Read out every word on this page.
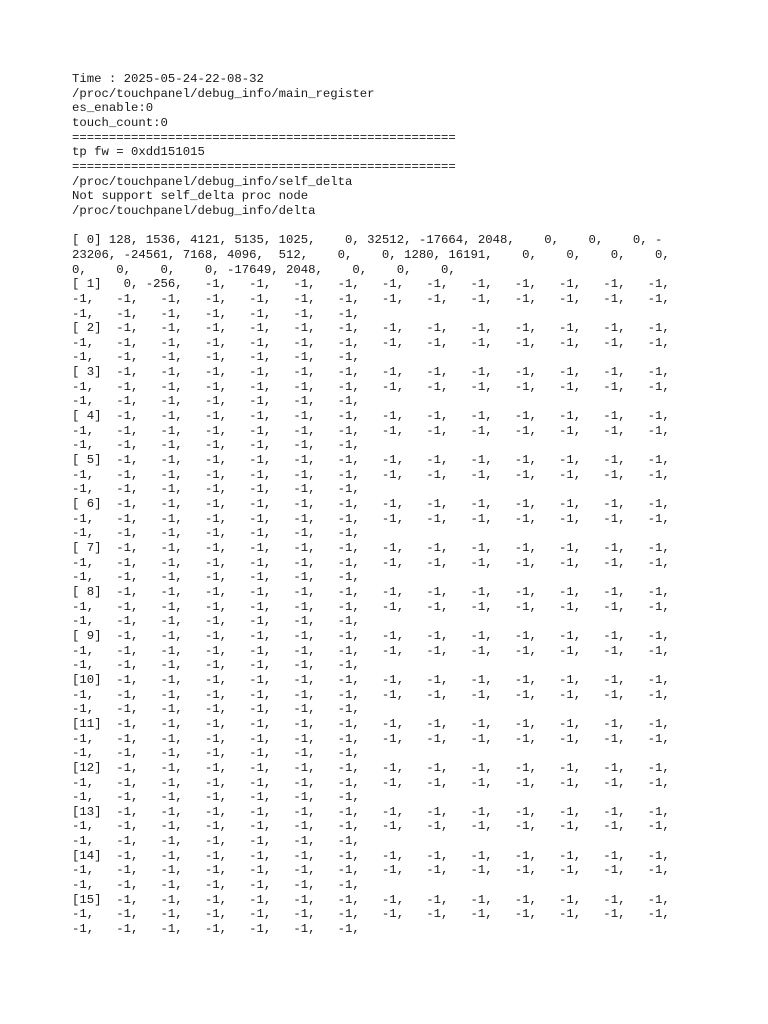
Time : 2025-05-24-22-08-32
/proc/touchpanel/debug_info/main_register
es_enable:0
touch_count:0
====================================================
tp fw = 0xdd151015
====================================================
/proc/touchpanel/debug_info/self_delta
Not support self_delta proc node
/proc/touchpanel/debug_info/delta
[ 0] 128, 1536, 4121, 5135, 1025,    0, 32512, -17664, 2048,    0,    0,    0, -
23206, -24561, 7168, 4096,  512,    0,    0, 1280, 16191,    0,    0,    0,    0,
0,    0,    0,    0, -17649, 2048,    0,    0,    0,
[ 1]   0, -256,   -1,   -1,   -1,   -1,   -1,   -1,   -1,   -1,   -1,   -1,   -1,
-1,   -1,   -1,   -1,   -1,   -1,   -1,   -1,   -1,   -1,   -1,   -1,   -1,   -1,
-1,   -1,   -1,   -1,   -1,   -1,   -1,
[ 2]  -1,   -1,   -1,   -1,   -1,   -1,   -1,   -1,   -1,   -1,   -1,   -1,   -1,
-1,   -1,   -1,   -1,   -1,   -1,   -1,   -1,   -1,   -1,   -1,   -1,   -1,   -1,
-1,   -1,   -1,   -1,   -1,   -1,   -1,
[ 3]  -1,   -1,   -1,   -1,   -1,   -1,   -1,   -1,   -1,   -1,   -1,   -1,   -1,
-1,   -1,   -1,   -1,   -1,   -1,   -1,   -1,   -1,   -1,   -1,   -1,   -1,   -1,
-1,   -1,   -1,   -1,   -1,   -1,   -1,
[ 4]  -1,   -1,   -1,   -1,   -1,   -1,   -1,   -1,   -1,   -1,   -1,   -1,   -1,
-1,   -1,   -1,   -1,   -1,   -1,   -1,   -1,   -1,   -1,   -1,   -1,   -1,   -1,
-1,   -1,   -1,   -1,   -1,   -1,   -1,
[ 5]  -1,   -1,   -1,   -1,   -1,   -1,   -1,   -1,   -1,   -1,   -1,   -1,   -1,
-1,   -1,   -1,   -1,   -1,   -1,   -1,   -1,   -1,   -1,   -1,   -1,   -1,   -1,
-1,   -1,   -1,   -1,   -1,   -1,   -1,
[ 6]  -1,   -1,   -1,   -1,   -1,   -1,   -1,   -1,   -1,   -1,   -1,   -1,   -1,
-1,   -1,   -1,   -1,   -1,   -1,   -1,   -1,   -1,   -1,   -1,   -1,   -1,   -1,
-1,   -1,   -1,   -1,   -1,   -1,   -1,
[ 7]  -1,   -1,   -1,   -1,   -1,   -1,   -1,   -1,   -1,   -1,   -1,   -1,   -1,
-1,   -1,   -1,   -1,   -1,   -1,   -1,   -1,   -1,   -1,   -1,   -1,   -1,   -1,
-1,   -1,   -1,   -1,   -1,   -1,   -1,
[ 8]  -1,   -1,   -1,   -1,   -1,   -1,   -1,   -1,   -1,   -1,   -1,   -1,   -1,
-1,   -1,   -1,   -1,   -1,   -1,   -1,   -1,   -1,   -1,   -1,   -1,   -1,   -1,
-1,   -1,   -1,   -1,   -1,   -1,   -1,
[ 9]  -1,   -1,   -1,   -1,   -1,   -1,   -1,   -1,   -1,   -1,   -1,   -1,   -1,
-1,   -1,   -1,   -1,   -1,   -1,   -1,   -1,   -1,   -1,   -1,   -1,   -1,   -1,
-1,   -1,   -1,   -1,   -1,   -1,   -1,
[10]  -1,   -1,   -1,   -1,   -1,   -1,   -1,   -1,   -1,   -1,   -1,   -1,   -1,
-1,   -1,   -1,   -1,   -1,   -1,   -1,   -1,   -1,   -1,   -1,   -1,   -1,   -1,
-1,   -1,   -1,   -1,   -1,   -1,   -1,
[11]  -1,   -1,   -1,   -1,   -1,   -1,   -1,   -1,   -1,   -1,   -1,   -1,   -1,
-1,   -1,   -1,   -1,   -1,   -1,   -1,   -1,   -1,   -1,   -1,   -1,   -1,   -1,
-1,   -1,   -1,   -1,   -1,   -1,   -1,
[12]  -1,   -1,   -1,   -1,   -1,   -1,   -1,   -1,   -1,   -1,   -1,   -1,   -1,
-1,   -1,   -1,   -1,   -1,   -1,   -1,   -1,   -1,   -1,   -1,   -1,   -1,   -1,
-1,   -1,   -1,   -1,   -1,   -1,   -1,
[13]  -1,   -1,   -1,   -1,   -1,   -1,   -1,   -1,   -1,   -1,   -1,   -1,   -1,
-1,   -1,   -1,   -1,   -1,   -1,   -1,   -1,   -1,   -1,   -1,   -1,   -1,   -1,
-1,   -1,   -1,   -1,   -1,   -1,   -1,
[14]  -1,   -1,   -1,   -1,   -1,   -1,   -1,   -1,   -1,   -1,   -1,   -1,   -1,
-1,   -1,   -1,   -1,   -1,   -1,   -1,   -1,   -1,   -1,   -1,   -1,   -1,   -1,
-1,   -1,   -1,   -1,   -1,   -1,   -1,
[15]  -1,   -1,   -1,   -1,   -1,   -1,   -1,   -1,   -1,   -1,   -1,   -1,   -1,
-1,   -1,   -1,   -1,   -1,   -1,   -1,   -1,   -1,   -1,   -1,   -1,   -1,   -1,
-1,   -1,   -1,   -1,   -1,   -1,   -1,
